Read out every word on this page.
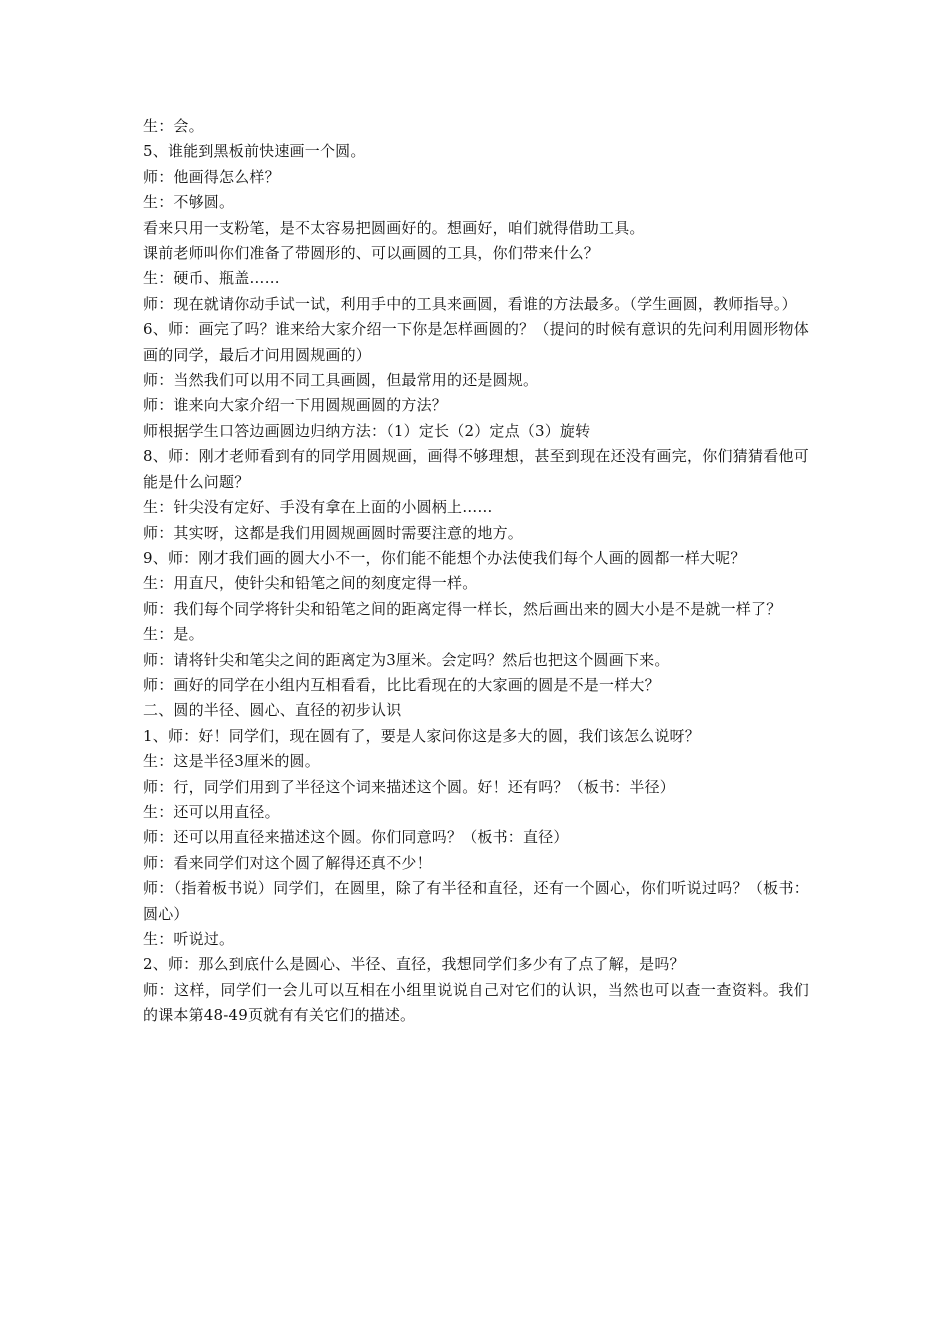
生：会。

5、谁能到黑板前快速画一个圆。

师：他画得怎么样？

生：不够圆。

看来只用一支粉笔，是不太容易把圆画好的。想画好，咱们就得借助工具。

课前老师叫你们准备了带圆形的、可以画圆的工具，你们带来什么？

生：硬币、瓶盖……

师：现在就请你动手试一试，利用手中的工具来画圆，看谁的方法最多。（学生画圆，教师指导。）

6、师：画完了吗？谁来给大家介绍一下你是怎样画圆的？（提问的时候有意识的先问利用圆形物体画的同学，最后才问用圆规画的）

师：当然我们可以用不同工具画圆，但最常用的还是圆规。

师：谁来向大家介绍一下用圆规画圆的方法？

师根据学生口答边画圆边归纳方法：（1）定长（2）定点（3）旋转

8、师：刚才老师看到有的同学用圆规画，画得不够理想，甚至到现在还没有画完，你们猜猜看他可能是什么问题？

生：针尖没有定好、手没有拿在上面的小圆柄上……

师：其实呀，这都是我们用圆规画圆时需要注意的地方。

9、师：刚才我们画的圆大小不一，你们能不能想个办法使我们每个人画的圆都一样大呢？

生：用直尺，使针尖和铅笔之间的刻度定得一样。

师：我们每个同学将针尖和铅笔之间的距离定得一样长，然后画出来的圆大小是不是就一样了？

生：是。

师：请将针尖和笔尖之间的距离定为3厘米。会定吗？然后也把这个圆画下来。

师：画好的同学在小组内互相看看，比比看现在的大家画的圆是不是一样大？

二、圆的半径、圆心、直径的初步认识

1、师：好！同学们，现在圆有了，要是人家问你这是多大的圆，我们该怎么说呀？

生：这是半径3厘米的圆。

师：行，同学们用到了半径这个词来描述这个圆。好！还有吗？（板书：半径）

生：还可以用直径。

师：还可以用直径来描述这个圆。你们同意吗？（板书：直径）

师：看来同学们对这个圆了解得还真不少！

师：（指着板书说）同学们，在圆里，除了有半径和直径，还有一个圆心，你们听说过吗？（板书：圆心）

生：听说过。

2、师：那么到底什么是圆心、半径、直径，我想同学们多少有了点了解，是吗？

师：这样，同学们一会儿可以互相在小组里说说自己对它们的认识，当然也可以查一查资料。我们的课本第48-49页就有有关它们的描述。
